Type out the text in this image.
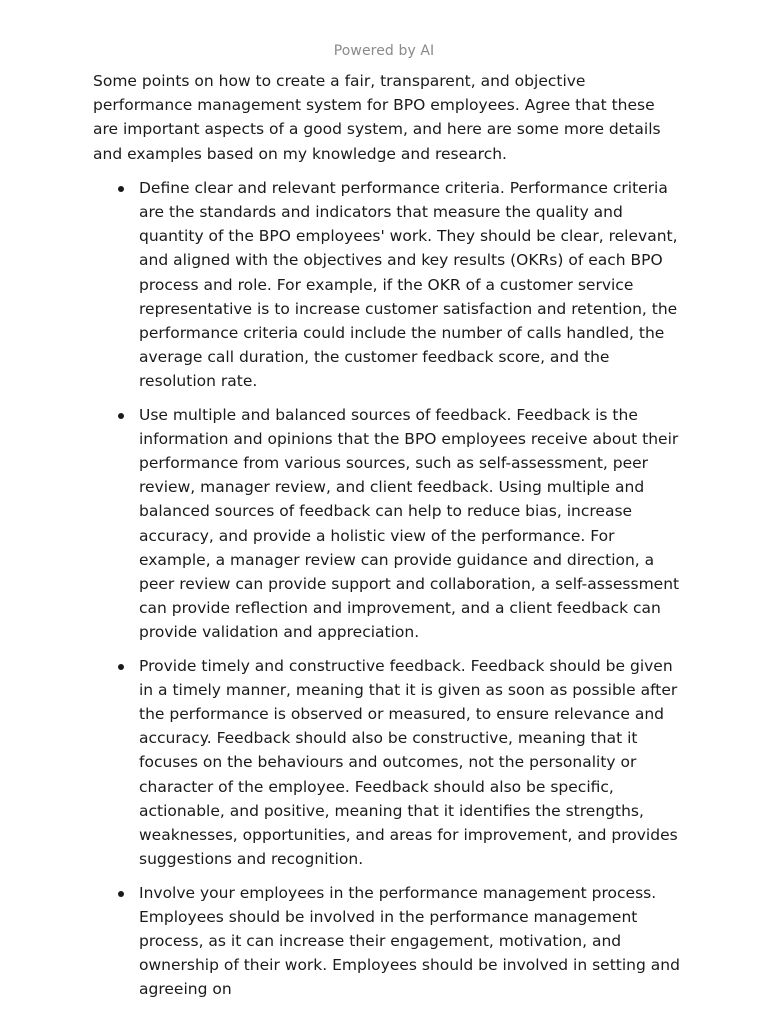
Powered by AI

Some points on how to create a fair, transparent, and objective performance management system for BPO employees. Agree that these are important aspects of a good system, and here are some more details and examples based on my knowledge and research.

Define clear and relevant performance criteria. Performance criteria are the standards and indicators that measure the quality and quantity of the BPO employees' work. They should be clear, relevant, and aligned with the objectives and key results (OKRs) of each BPO process and role. For example, if the OKR of a customer service representative is to increase customer satisfaction and retention, the performance criteria could include the number of calls handled, the average call duration, the customer feedback score, and the resolution rate.
Use multiple and balanced sources of feedback. Feedback is the information and opinions that the BPO employees receive about their performance from various sources, such as self-assessment, peer review, manager review, and client feedback. Using multiple and balanced sources of feedback can help to reduce bias, increase accuracy, and provide a holistic view of the performance. For example, a manager review can provide guidance and direction, a peer review can provide support and collaboration, a self-assessment can provide reflection and improvement, and a client feedback can provide validation and appreciation.
Provide timely and constructive feedback. Feedback should be given in a timely manner, meaning that it is given as soon as possible after the performance is observed or measured, to ensure relevance and accuracy. Feedback should also be constructive, meaning that it focuses on the behaviours and outcomes, not the personality or character of the employee. Feedback should also be specific, actionable, and positive, meaning that it identifies the strengths, weaknesses, opportunities, and areas for improvement, and provides suggestions and recognition.
Involve your employees in the performance management process. Employees should be involved in the performance management process, as it can increase their engagement, motivation, and ownership of their work. Employees should be involved in setting and agreeing on
